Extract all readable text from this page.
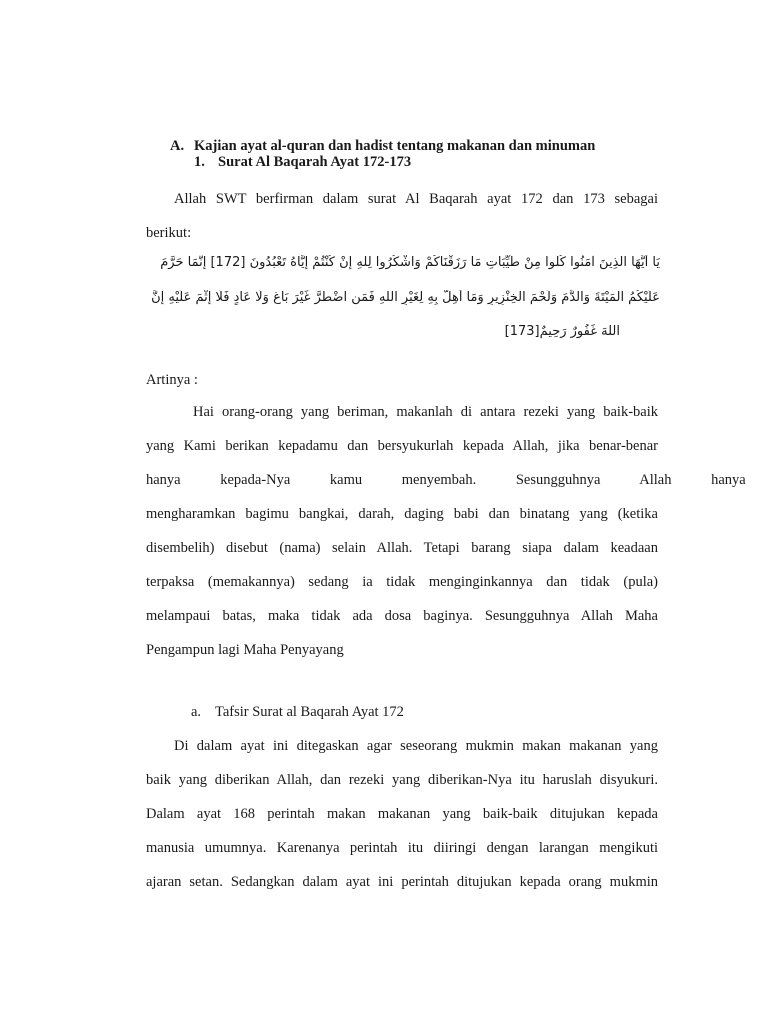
A. Kajian ayat al-quran dan hadist tentang makanan dan minuman
1. Surat Al Baqarah Ayat 172-173
Allah SWT berfirman dalam surat Al Baqarah ayat 172 dan 173 sebagai
berikut:
يَا أَيُّهَا الَّذِينَ آمَنُوا كُلُوا مِنْ طَيِّبَاتِ مَا رَزَقْنَاكُمْ وَاشْكُرُوا لِلَّهِ إِنْ كُنْتُمْ إِيَّاهُ تَعْبُدُونَ [172] إِنَّمَا حَرَّمَ
عَلَيْكُمُ الْمَيْتَةَ وَالدَّمَ وَلَحْمَ الْخِنْزِيرِ وَمَا أُهِلَّ بِهِ لِغَيْرِ اللَّهِ فَمَنِ اضْطُرَّ غَيْرَ بَاغٍ وَلَا عَادٍ فَلَا إِثْمَ عَلَيْهِ إِنَّ
اللَّهَ غَفُورٌ رَحِيمٌ[173]
Artinya :
Hai orang-orang yang beriman, makanlah di antara rezeki yang baik-baik
yang Kami berikan kepadamu dan bersyukurlah kepada Allah, jika benar-benar
hanya kepada-Nya kamu menyembah. Sesungguhnya Allah hanya
mengharamkan bagimu bangkai, darah, daging babi dan binatang yang (ketika
disembelih) disebut (nama) selain Allah. Tetapi barang siapa dalam keadaan
terpaksa (memakannya) sedang ia tidak menginginkannya dan tidak (pula)
melampaui batas, maka tidak ada dosa baginya. Sesungguhnya Allah Maha
Pengampun lagi Maha Penyayang
a. Tafsir Surat al Baqarah Ayat 172
Di dalam ayat ini ditegaskan agar seseorang mukmin makan makanan yang
baik yang diberikan Allah, dan rezeki yang diberikan-Nya itu haruslah disyukuri.
Dalam ayat 168 perintah makan makanan yang baik-baik ditujukan kepada
manusia umumnya. Karenanya perintah itu diiringi dengan larangan mengikuti
ajaran setan. Sedangkan dalam ayat ini perintah ditujukan kepada orang mukmin
